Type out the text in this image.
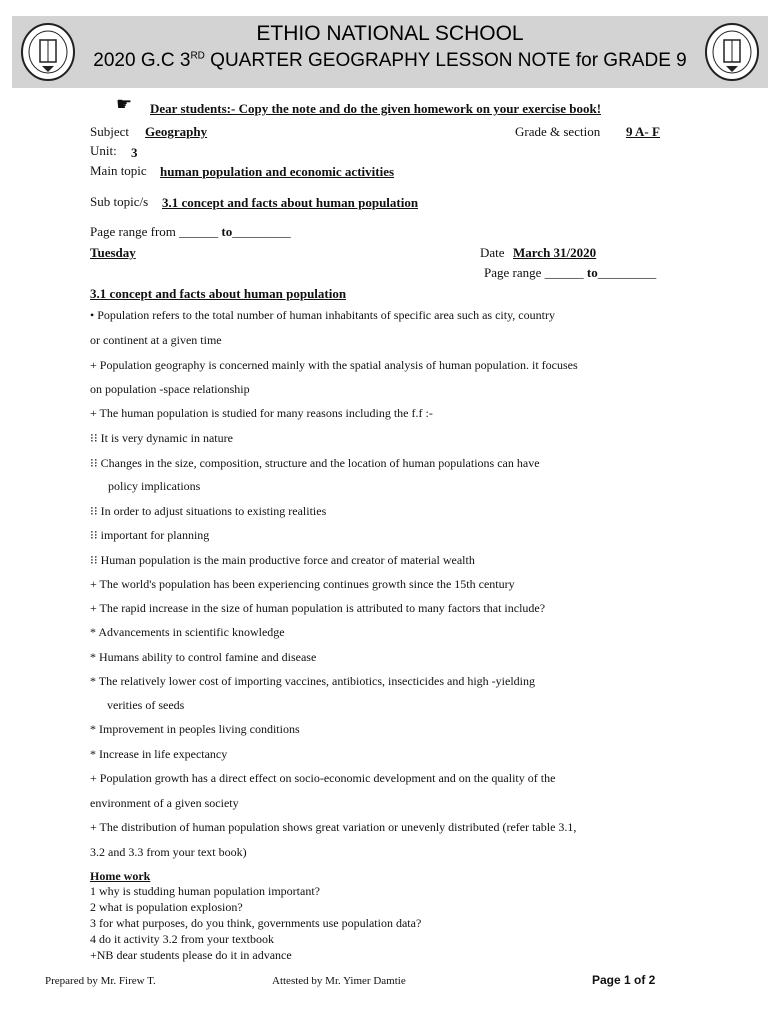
ETHIO NATIONAL SCHOOL
2020 G.C 3RD QUARTER GEOGRAPHY LESSON NOTE for GRADE 9
☛ Dear students:- Copy the note and do the given homework on your exercise book!
Subject Geography	Grade & section 9 A- F
Unit: 3
Main topic human population and economic activities
Sub topic/s 3.1 concept and facts about human population
Page range from ______ to_________
Tuesday	Date March 31/2020
Page range ______ to_________
3.1 concept and facts about human population
• Population refers to the total number of human inhabitants of specific area such as city, country
or continent at a given time
+ Population geography is concerned mainly with the spatial analysis of human population. it focuses
on population -space relationship
+ The human population is studied for many reasons including the f.f :-
⁝⁝ It is very dynamic in nature
⁝⁝ Changes in the size, composition, structure and the location of human populations can have
policy implications
⁝⁝ In order to adjust situations to existing realities
⁝⁝ important for planning
⁝⁝ Human population is the main productive force and creator of material wealth
+ The world's population has been experiencing continues growth since the 15th century
+ The rapid increase in the size of human population is attributed to many factors that include?
* Advancements in scientific knowledge
* Humans ability to control famine and disease
* The relatively lower cost of importing vaccines, antibiotics, insecticides and high -yielding
verities of seeds
* Improvement in peoples living conditions
* Increase in life expectancy
+ Population growth has a direct effect on socio-economic development and on the quality of the
environment of a given society
+ The distribution of human population shows great variation or unevenly distributed (refer table 3.1,
3.2 and 3.3 from your text book)
Home work
1 why is studding human population important?
2 what is population explosion?
3 for what purposes, do you think, governments use population data?
4 do it activity 3.2 from your textbook
+NB dear students please do it in advance
Prepared by Mr. Firew T.	Attested by Mr. Yimer Damtie	Page 1 of 2
